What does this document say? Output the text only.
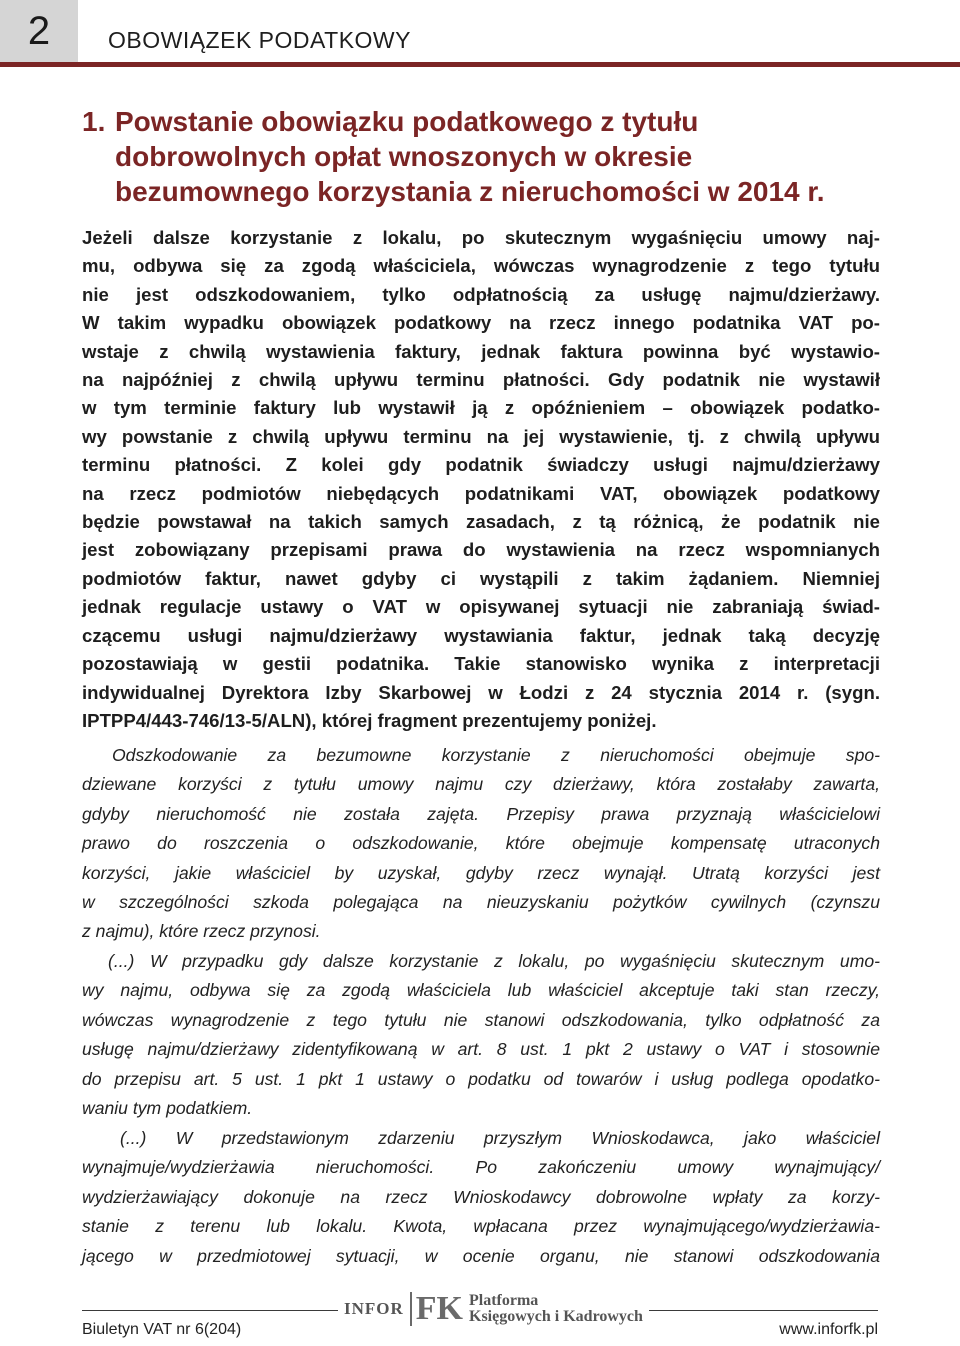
2	OBOWIĄZEK PODATKOWY
1. Powstanie obowiązku podatkowego z tytułu
dobrowolnych opłat wnoszonych w okresie
bezumownego korzystania z nieruchomości w 2014 r.
Jeżeli dalsze korzystanie z lokalu, po skutecznym wygaśnięciu umowy naj-
mu, odbywa się za zgodą właściciela, wówczas wynagrodzenie z tego tytułu
nie jest odszkodowaniem, tylko odpłatnością za usługę najmu/dzierżawy.
W takim wypadku obowiązek podatkowy na rzecz innego podatnika VAT po-
wstaje z chwilą wystawienia faktury, jednak faktura powinna być wystawio-
na najpóźniej z chwilą upływu terminu płatności. Gdy podatnik nie wystawił
w tym terminie faktury lub wystawił ją z opóźnieniem – obowiązek podatko-
wy powstanie z chwilą upływu terminu na jej wystawienie, tj. z chwilą upływu
terminu płatności. Z kolei gdy podatnik świadczy usługi najmu/dzierżawy
na rzecz podmiotów niebędących podatnikami VAT, obowiązek podatkowy
będzie powstawał na takich samych zasadach, z tą różnicą, że podatnik nie
jest zobowiązany przepisami prawa do wystawienia na rzecz wspomnianych
podmiotów faktur, nawet gdyby ci wystąpili z takim żądaniem. Niemniej
jednak regulacje ustawy o VAT w opisywanej sytuacji nie zabraniają świad-
czącemu usługi najmu/dzierżawy wystawiania faktur, jednak taką decyzję
pozostawiają w gestii podatnika. Takie stanowisko wynika z interpretacji
indywidualnej Dyrektora Izby Skarbowej w Łodzi z 24 stycznia 2014 r. (sygn.
IPTPP4/443-746/13-5/ALN), której fragment prezentujemy poniżej.
Odszkodowanie za bezumowne korzystanie z nieruchomości obejmuje spo-
dziewane korzyści z tytułu umowy najmu czy dzierżawy, która zostałaby zawarta,
gdyby nieruchomość nie została zajęta. Przepisy prawa przyznają właścicielowi
prawo do roszczenia o odszkodowanie, które obejmuje kompensatę utraconych
korzyści, jakie właściciel by uzyskał, gdyby rzecz wynajął. Utratą korzyści jest
w szczególności szkoda polegająca na nieuzyskaniu pożytków cywilnych (czynszu
z najmu), które rzecz przynosi.
(...) W przypadku gdy dalsze korzystanie z lokalu, po wygaśnięciu skutecznym umo-
wy najmu, odbywa się za zgodą właściciela lub właściciel akceptuje taki stan rzeczy,
wówczas wynagrodzenie z tego tytułu nie stanowi odszkodowania, tylko odpłatność za
usługę najmu/dzierżawy zidentyfikowaną w art. 8 ust. 1 pkt 2 ustawy o VAT i stosownie
do przepisu art. 5 ust. 1 pkt 1 ustawy o podatku od towarów i usług podlega opodatko-
waniu tym podatkiem.
(...) W przedstawionym zdarzeniu przyszłym Wnioskodawca, jako właściciel
wynajmuje/wydzierżawia nieruchomości. Po zakończeniu umowy wynajmujący/
wydzierżawiający dokonuje na rzecz Wnioskodawcy dobrowolne wpłaty za korzy-
stanie z terenu lub lokalu. Kwota, wpłacana przez wynajmującego/wydzierżawia-
jącego w przedmiotowej sytuacji, w ocenie organu, nie stanowi odszkodowania
INFOR FK Platforma
Księgowych i Kadrowych
Biuletyn VAT nr 6(204)	www.inforfk.pl
